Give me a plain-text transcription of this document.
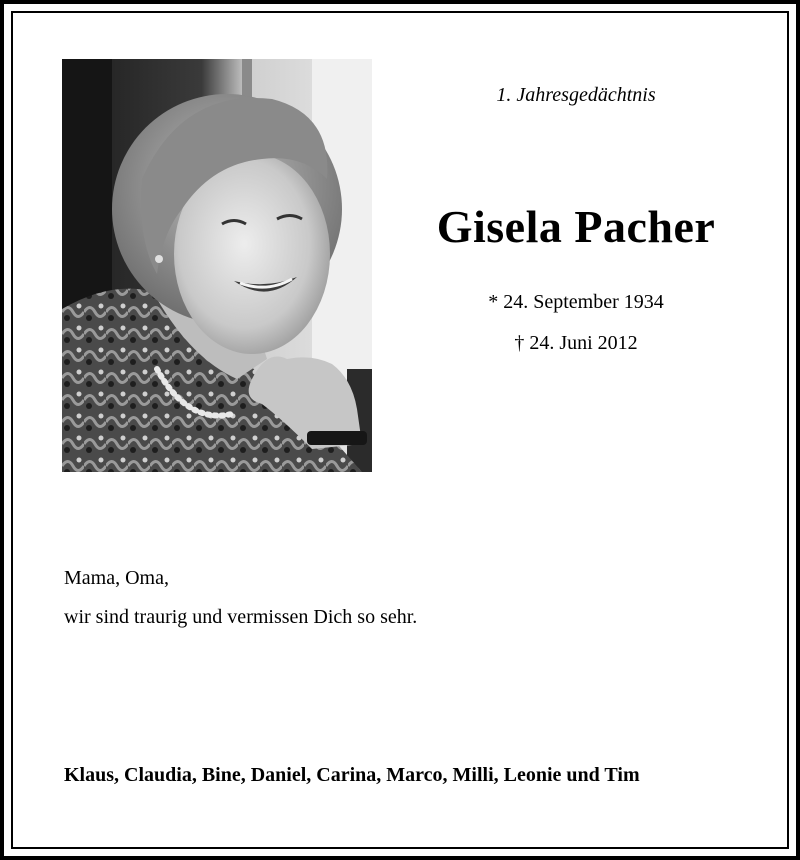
1. Jahresgedächtnis

Gisela Pacher

* 24. September 1934

† 24. Juni 2012

Mama, Oma,

wir sind traurig und vermissen Dich so sehr.

Klaus, Claudia, Bine, Daniel, Carina, Marco, Milli, Leonie und Tim
